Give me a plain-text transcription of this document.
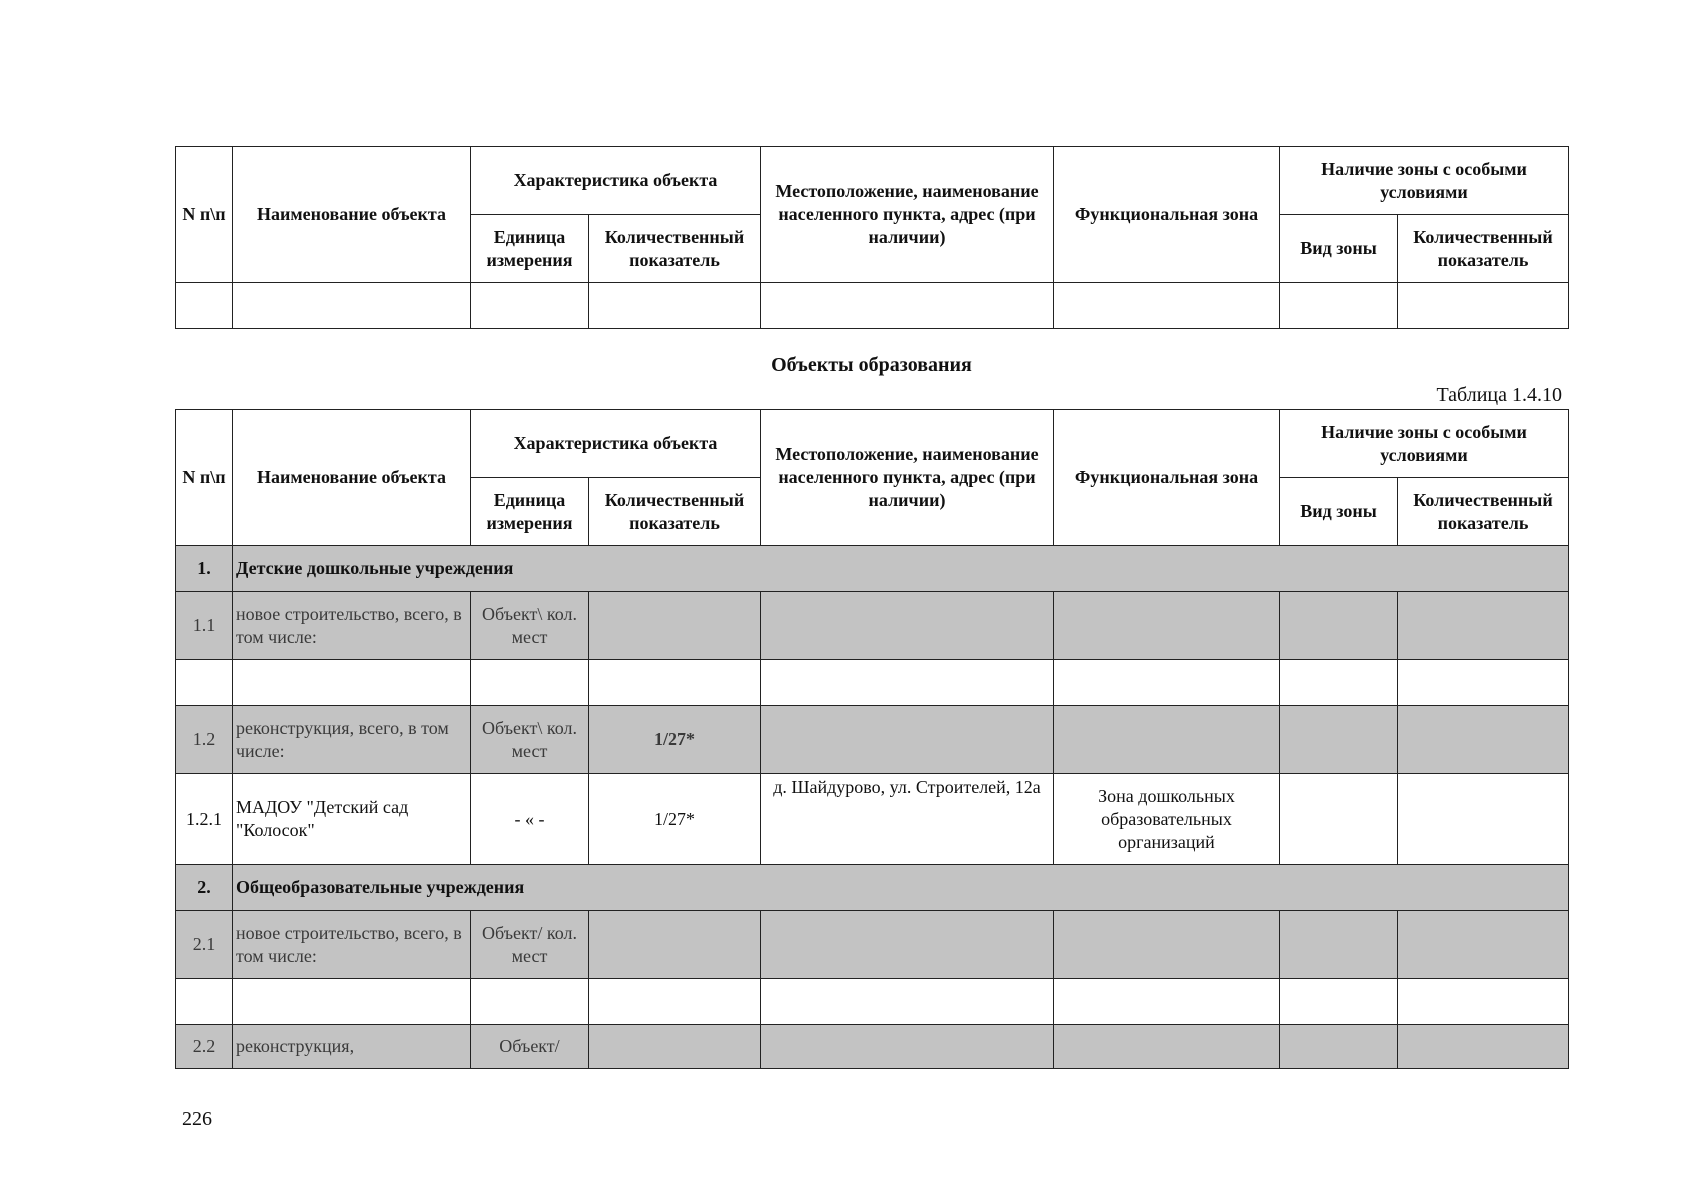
N п\п	Наименование объекта	Характеристика объекта		Местоположение, наименование населенного пункта, адрес (при наличии)	Функциональная зона	Наличие зоны с особыми условиями	
		Единица измерения	Количественный показатель			Вид зоны	Количественный показатель

Объекты образования
Таблица 1.4.10
N п\п	Наименование объекта	Характеристика объекта		Местоположение, наименование населенного пункта, адрес (при наличии)	Функциональная зона	Наличие зоны с особыми условиями	
		Единица измерения	Количественный показатель			Вид зоны	Количественный показатель
1.	Детские дошкольные учреждения						
1.1	новое строительство, всего, в том числе:	Объект\ кол. мест					

1.2	реконструкция, всего, в том числе:	Объект\ кол. мест	1/27*				
1.2.1	МАДОУ "Детский сад "Колосок"	- « -	1/27*	д. Шайдурово, ул. Строителей, 12а	Зона дошкольных образовательных организаций		
2.	Общеобразовательные учреждения						
2.1	новое строительство, всего, в том числе:	Объект/ кол. мест					

2.2	реконструкция,	Объект/					
226
